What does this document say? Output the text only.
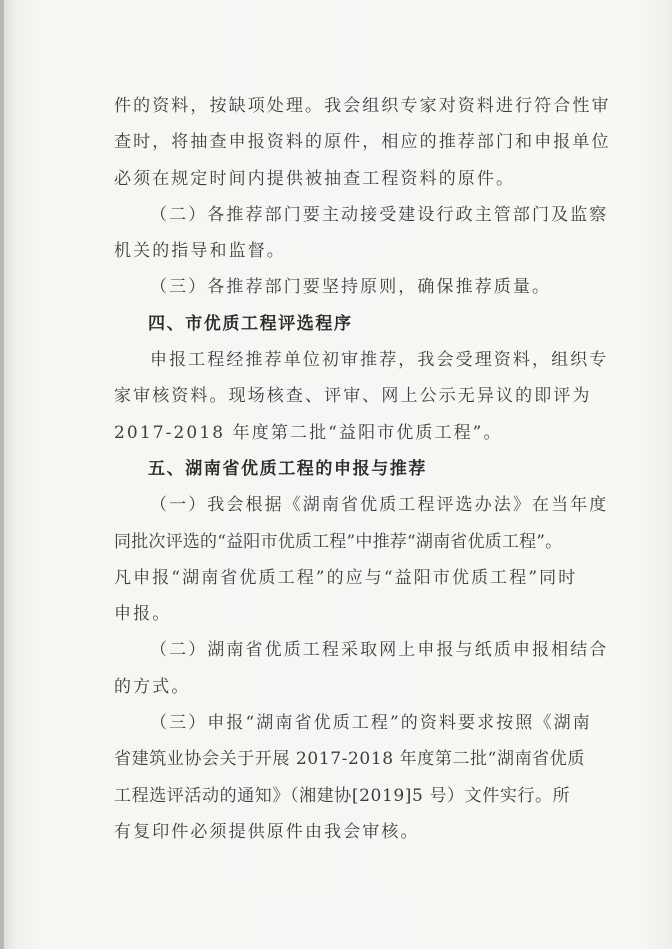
件的资料，按缺项处理。我会组织专家对资料进行符合性审
查时，将抽查申报资料的原件，相应的推荐部门和申报单位
必须在规定时间内提供被抽查工程资料的原件。
（二）各推荐部门要主动接受建设行政主管部门及监察
机关的指导和监督。
（三）各推荐部门要坚持原则，确保推荐质量。
四、市优质工程评选程序
申报工程经推荐单位初审推荐，我会受理资料，组织专
家审核资料。现场核查、评审、网上公示无异议的即评为
2017-2018 年度第二批“益阳市优质工程”。
五、湖南省优质工程的申报与推荐
（一）我会根据《湖南省优质工程评选办法》在当年度
同批次评选的“益阳市优质工程”中推荐“湖南省优质工程”。
凡申报“湖南省优质工程”的应与“益阳市优质工程”同时
申报。
（二）湖南省优质工程采取网上申报与纸质申报相结合
的方式。
（三）申报“湖南省优质工程”的资料要求按照《湖南
省建筑业协会关于开展 2017-2018 年度第二批“湖南省优质
工程选评活动的通知》（湘建协[2019]5 号）文件实行。所
有复印件必须提供原件由我会审核。
